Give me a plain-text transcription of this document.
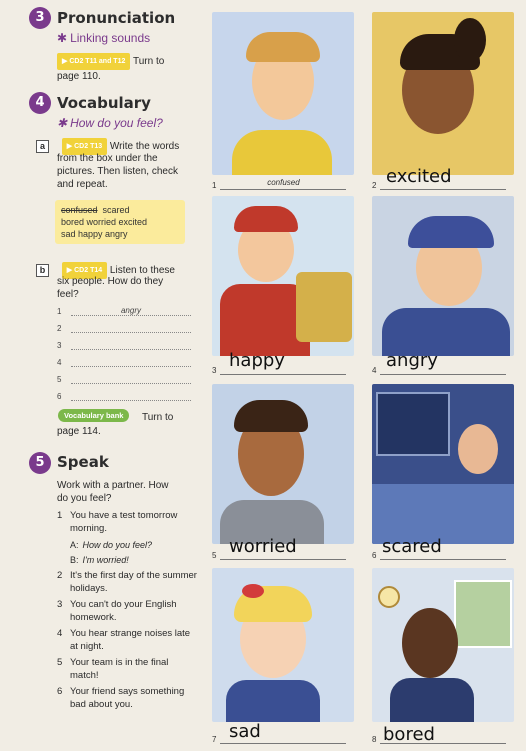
3 Pronunciation
✱ Linking sounds
▶ CD2 T11 and T12 Turn to
page 110.
4 Vocabulary
✱ How do you feel?
a	▶ CD2 T13 Write the words
from the box under the
pictures. Then listen, check
and repeat.
confused scared
bored worried excited
sad happy angry
b	▶ CD2 T14 Listen to these
six people. How do they
feel?
1	angry
2
3
4
5
6
Vocabulary bank	Turn to
page 114.
5 Speak
Work with a partner. How
do you feel?
1 You have a test tomorrow morning.
A: How do you feel?
B: I'm worried!
2 It's the first day of the summer holidays.
3 You can't do your English homework.
4 You hear strange noises late at night.
5 Your team is in the final match!
6 Your friend says something bad about you.
1	confused	2 excited
3 happy	4 angry
5 worried	6 scared
7 sad	8 bored
